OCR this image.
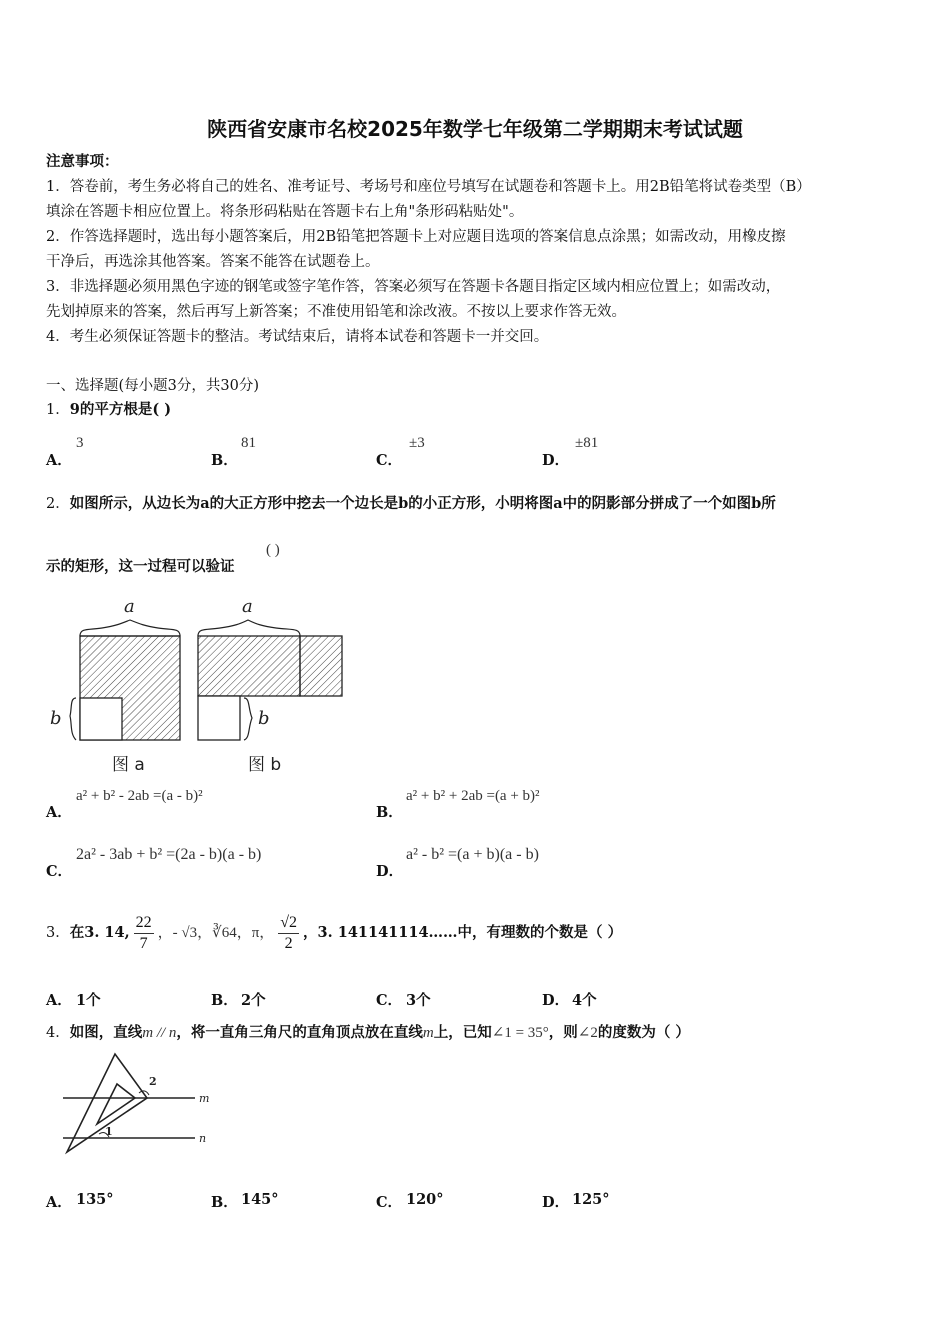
陕西省安康市名校2025年数学七年级第二学期期末考试试题
注意事项：
1．答卷前，考生务必将自己的姓名、准考证号、考场号和座位号填写在试题卷和答题卡上。用2B铅笔将试卷类型（B）
填涂在答题卡相应位置上。将条形码粘贴在答题卡右上角"条形码粘贴处"。
2．作答选择题时，选出每小题答案后，用2B铅笔把答题卡上对应题目选项的答案信息点涂黑；如需改动，用橡皮擦
干净后，再选涂其他答案。答案不能答在试题卷上。
3．非选择题必须用黑色字迹的钢笔或签字笔作答，答案必须写在答题卡各题目指定区域内相应位置上；如需改动，
先划掉原来的答案，然后再写上新答案；不准使用铅笔和涂改液。不按以上要求作答无效。
4．考生必须保证答题卡的整洁。考试结束后，请将本试卷和答题卡一并交回。
一、选择题(每小题3分，共30分)
1．9的平方根是( )
A．
3
B．
81
C．
±3
D．
±81
2．如图所示，从边长为a的大正方形中挖去一个边长是b的小正方形，小明将图a中的阴影部分拼成了一个如图b所
示的矩形，这一过程可以验证
( )
a	a
b	b
图 a	图 b
A．
a² + b² - 2ab =(a - b)²
B．
a² + b² + 2ab =(a + b)²
C．
2a² - 3ab + b² =(2a - b)(a - b)
D．
a² - b² =(a + b)(a - b)
3． 在3. 14, $\frac{22}{7}$ ，- √3，∛64，π， $\frac{√2}{2}$ ，3. 141141114……中，有理数的个数是（ ）
A． 1个	B． 2个	C． 3个	D． 4个
4．如图，直线m // n，将一直角三角尺的直角顶点放在直线m上，已知∠1 = 35°，则∠2的度数为（ ）
2
1
m
n
A． 135°	B． 145°	C． 120°	D． 125°
